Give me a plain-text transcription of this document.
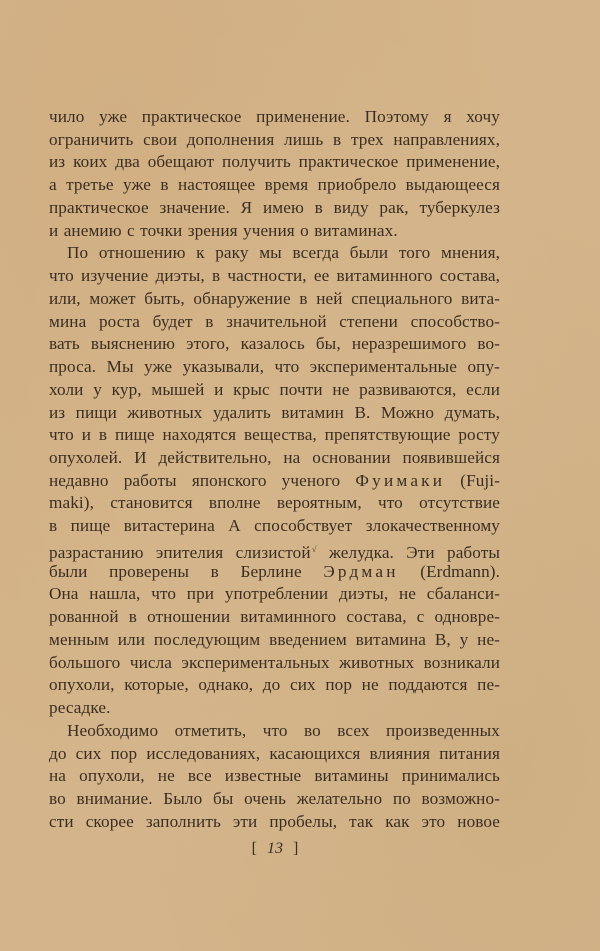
чило уже практическое применение. Поэтому я хочу
ограничить свои дополнения лишь в трех направлениях,
из коих два обещают получить практическое применение,
а третье уже в настоящее время приобрело выдающееся
практическое значение. Я имею в виду рак, туберкулез
и анемию с точки зрения учения о витаминах.
По отношению к раку мы всегда были того мнения,
что изучение диэты, в частности, ее витаминного состава,
или, может быть, обнаружение в ней специального вита-
мина роста будет в значительной степени способство-
вать выяснению этого, казалось бы, неразрешимого во-
проса. Мы уже указывали, что экспериментальные опу-
холи у кур, мышей и крыс почти не развиваются, если
из пищи животных удалить витамин В. Можно думать,
что и в пище находятся вещества, препятствующие росту
опухолей. И действительно, на основании появившейся
недавно работы японского ученого Фуимаки (Fuji-
maki), становится вполне вероятным, что отсутствие
в пище витастерина А способствует злокачественному
разрастанию эпителия слизистой√ желудка. Эти работы
были проверены в Берлине Эрдман (Erdmann).
Она нашла, что при употреблении диэты, не сбаланси-
рованной в отношении витаминного состава, с одновре-
менным или последующим введением витамина В, у не-
большого числа экспериментальных животных возникали
опухоли, которые, однако, до сих пор не поддаются пе-
ресадке.
Необходимо отметить, что во всех произведенных
до сих пор исследованиях, касающихся влияния питания
на опухоли, не все известные витамины принимались
во внимание. Было бы очень желательно по возможно-
сти скорее заполнить эти пробелы, так как это новое
[ 13 ]
